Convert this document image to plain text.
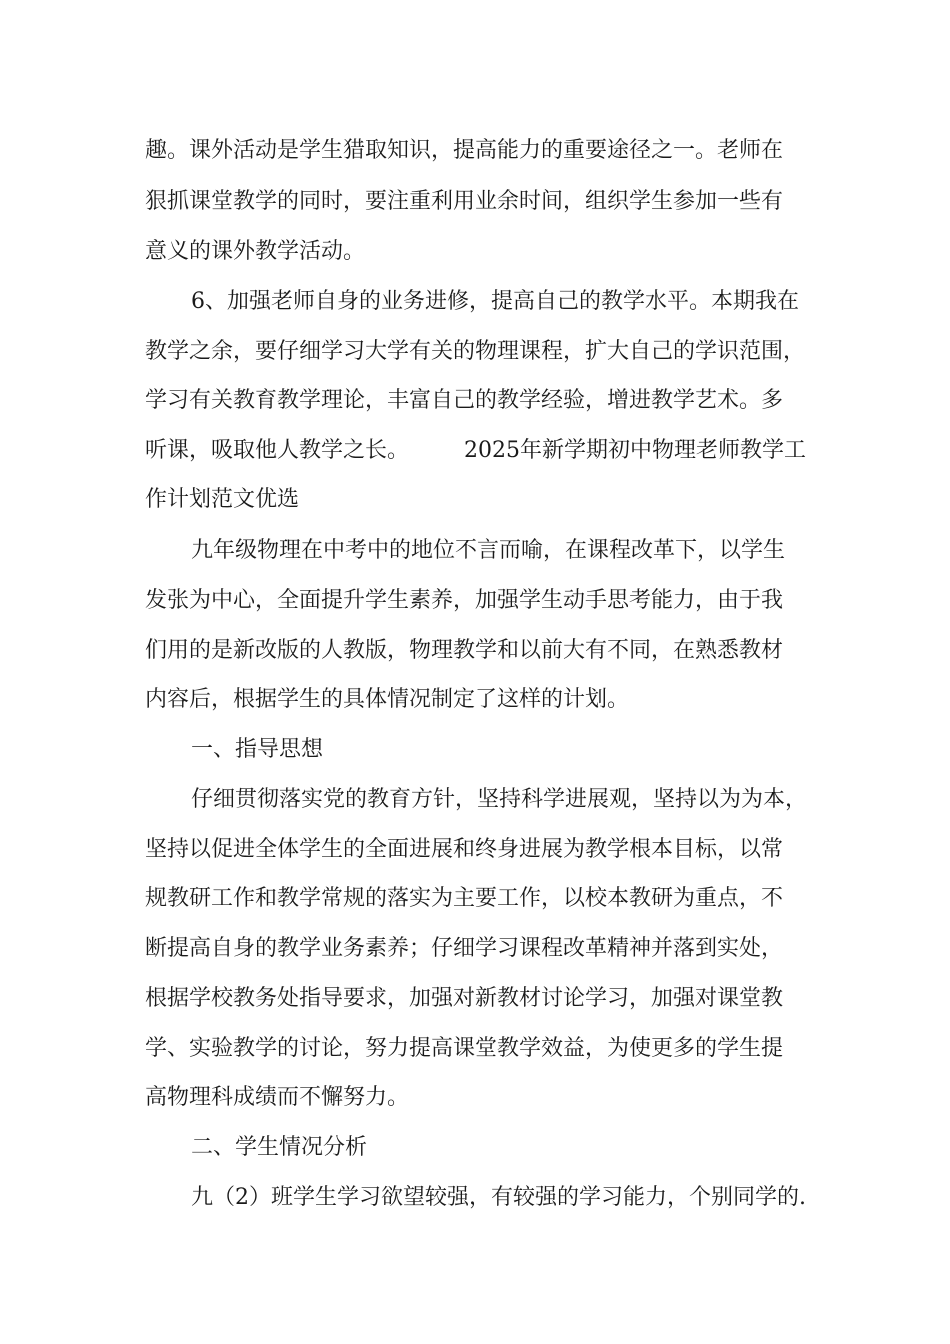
趣。课外活动是学生猎取知识，提高能力的重要途径之一。老师在
狠抓课堂教学的同时，要注重利用业余时间，组织学生参加一些有
意义的课外教学活动。
6、加强老师自身的业务进修，提高自己的教学水平。本期我在
教学之余，要仔细学习大学有关的物理课程，扩大自己的学识范围，
学习有关教育教学理论，丰富自己的教学经验，增进教学艺术。多
听课，吸取他人教学之长。　　　2025年新学期初中物理老师教学工
作计划范文优选
九年级物理在中考中的地位不言而喻，在课程改革下，以学生
发张为中心，全面提升学生素养，加强学生动手思考能力，由于我
们用的是新改版的人教版，物理教学和以前大有不同，在熟悉教材
内容后，根据学生的具体情况制定了这样的计划。
一、指导思想
仔细贯彻落实党的教育方针，坚持科学进展观，坚持以为为本，
坚持以促进全体学生的全面进展和终身进展为教学根本目标，以常
规教研工作和教学常规的落实为主要工作，以校本教研为重点，不
断提高自身的教学业务素养；仔细学习课程改革精神并落到实处，
根据学校教务处指导要求，加强对新教材讨论学习，加强对课堂教
学、实验教学的讨论，努力提高课堂教学效益，为使更多的学生提
高物理科成绩而不懈努力。
二、学生情况分析
九（2）班学生学习欲望较强，有较强的学习能力，个别同学的.
